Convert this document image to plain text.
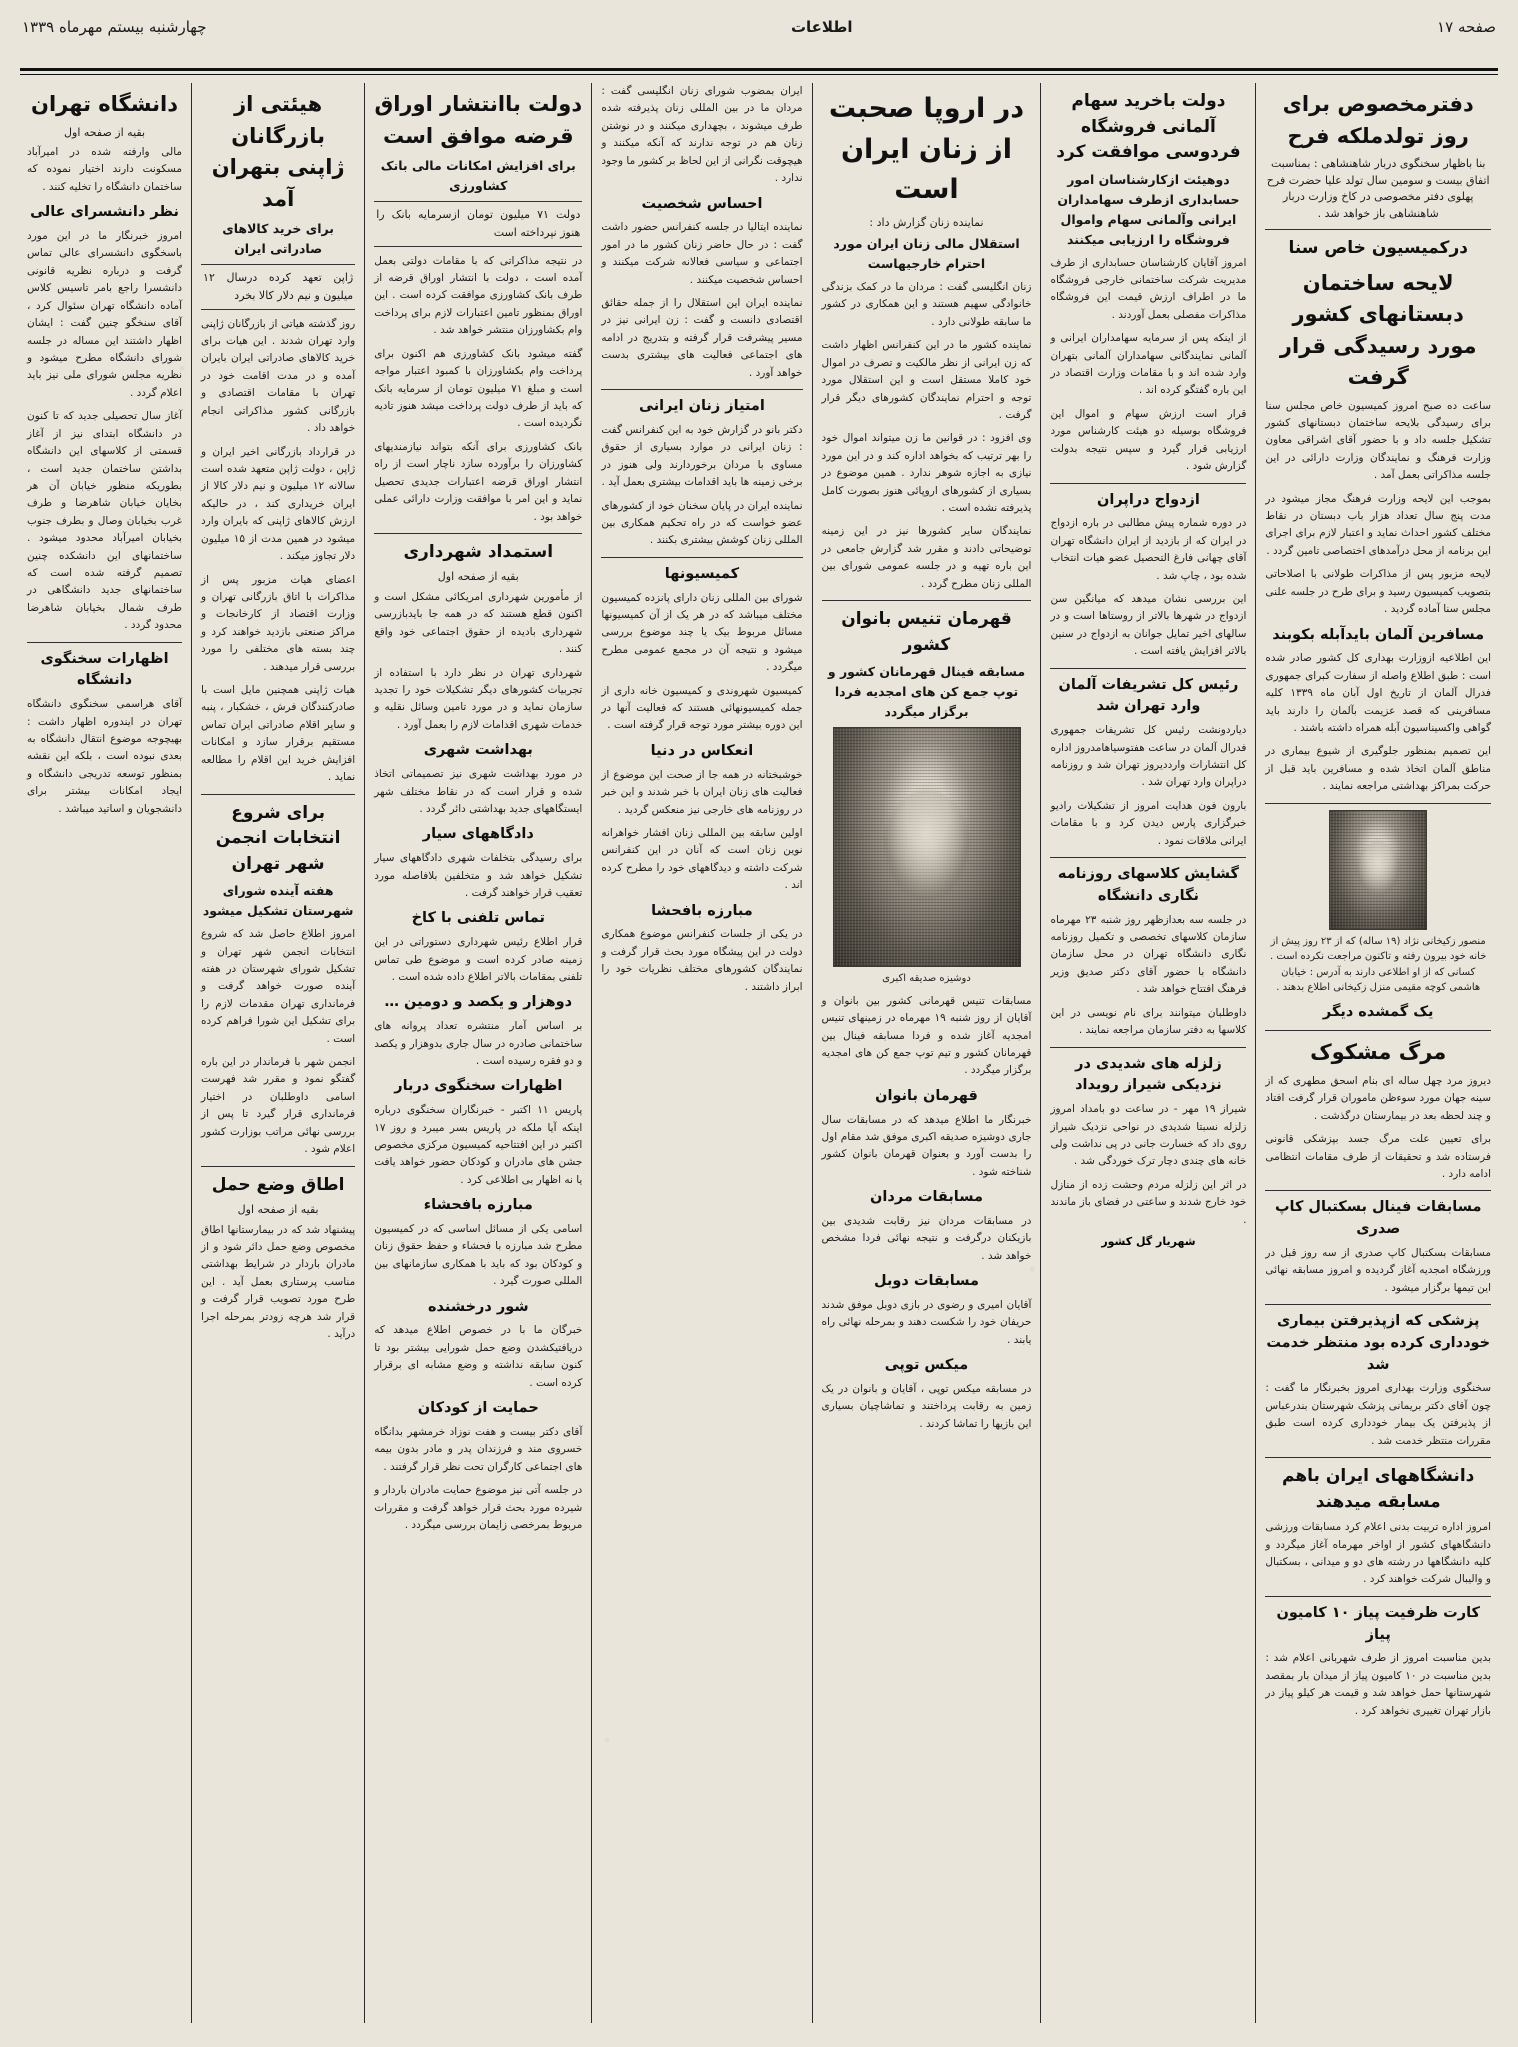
صفحه ۱۷
اطلاعات
چهارشنبه بیستم مهرماه ۱۳۳۹
دفترمخصوص برای روز تولدملکه فرح
بنا باظهار سخنگوی دربار شاهنشاهی : بمناسبت اتفاق بیست و سومین سال تولد علیا حضرت فرح پهلوی دفتر مخصوصی در کاخ وزارت دربار شاهنشاهی باز خواهد شد .
درکمیسیون خاص سنا
لایحه ساختمان دبستانهای کشور مورد رسیدگی قرار گرفت

ساعت ده صبح امروز کمیسیون خاص مجلس سنا برای رسیدگی بلایحه ساختمان دبستانهای کشور تشکیل جلسه داد و با حضور آقای اشراقی معاون وزارت فرهنگ و نمایندگان وزارت دارائی در این جلسه مذاکراتی بعمل آمد .

بموجب این لایحه وزارت فرهنگ مجاز میشود در مدت پنج سال تعداد هزار باب دبستان در نقاط مختلف کشور احداث نماید و اعتبار لازم برای اجرای این برنامه از محل درآمدهای اختصاصی تامین گردد .

لایحه مزبور پس از مذاکرات طولانی با اصلاحاتی بتصویب کمیسیون رسید و برای طرح در جلسه علنی مجلس سنا آماده گردید .

مسافرین آلمان بایدآبله بکوبند

این اطلاعیه ازوزارت بهداری کل کشور صادر شده است : طبق اطلاع واصله از سفارت کبرای جمهوری فدرال آلمان از تاریخ اول آبان ماه ۱۳۳۹ کلیه مسافرینی که قصد عزیمت بآلمان را دارند باید گواهی واکسیناسیون آبله همراه داشته باشند .

این تصمیم بمنظور جلوگیری از شیوع بیماری در مناطق آلمان اتخاذ شده و مسافرین باید قبل از حرکت بمراکز بهداشتی مراجعه نمایند .

منصور زکیخانی نژاد (۱۹ ساله) که از ۲۳ روز پیش از خانه خود بیرون رفته و تاکنون مراجعت نکرده است . کسانی که از او اطلاعی دارند به آدرس : خیابان هاشمی کوچه مقیمی منزل زکیخانی اطلاع بدهند .
یک گمشده دیگر
مرگ مشکوک

دیروز مرد چهل ساله ای بنام اسحق مطهری که از سینه جهان مورد سوءظن ماموران قرار گرفت افتاد و چند لحظه بعد در بیمارستان درگذشت .

برای تعیین علت مرگ جسد بپزشکی قانونی فرستاده شد و تحقیقات از طرف مقامات انتظامی ادامه دارد .

مسابقات فینال بسکتبال کاپ صدری

مسابقات بسکتبال کاپ صدری از سه روز قبل در ورزشگاه امجدیه آغاز گردیده و امروز مسابقه نهائی این تیمها برگزار میشود .

پزشکی که ازپذیرفتن بیماری خودداری کرده بود منتظر خدمت شد

سخنگوی وزارت بهداری امروز بخبرنگار ما گفت : چون آقای دکتر بریمانی پزشک شهرستان بندرعباس از پذیرفتن یک بیمار خودداری کرده است طبق مقررات منتظر خدمت شد .

دانشگاههای ایران باهم مسابقه میدهند

امروز اداره تربیت بدنی اعلام کرد مسابقات ورزشی دانشگاههای کشور از اواخر مهرماه آغاز میگردد و کلیه دانشگاهها در رشته های دو و میدانی ، بسکتبال و والیبال شرکت خواهند کرد .

کارت ظرفیت پیاز ۱۰ کامیون پیاز

بدین مناسبت امروز از طرف شهربانی اعلام شد : بدین مناسبت در ۱۰ کامیون پیاز از میدان بار بمقصد شهرستانها حمل خواهد شد و قیمت هر کیلو پیاز در بازار تهران تغییری نخواهد کرد .

دولت باخرید سهام آلمانی فروشگاه فردوسی موافقت کرد
دوهیئت ازکارشناسان امور حسابداری ازطرف سهامداران ایرانی وآلمانی سهام واموال فروشگاه را ارزیابی میکنند

امروز آقایان کارشناسان حسابداری از طرف مدیریت شرکت ساختمانی خارجی فروشگاه ما در اطراف ارزش قیمت این فروشگاه مذاکرات مفصلی بعمل آوردند .

از اینکه پس از سرمایه سهامداران ایرانی و آلمانی نمایندگانی سهامداران آلمانی بتهران وارد شده اند و با مقامات وزارت اقتصاد در این باره گفتگو کرده اند .

قرار است ارزش سهام و اموال این فروشگاه بوسیله دو هیئت کارشناس مورد ارزیابی قرار گیرد و سپس نتیجه بدولت گزارش شود .

ازدواج دراپران

در دوره شماره پیش مطالبی در باره ازدواج در ایران که از بازدید از ایران دانشگاه تهران آقای چهانی فارغ التحصیل عضو هیات انتخاب شده بود ، چاپ شد .

این بررسی نشان میدهد که میانگین سن ازدواج در شهرها بالاتر از روستاها است و در سالهای اخیر تمایل جوانان به ازدواج در سنین بالاتر افزایش یافته است .

رئیس کل تشریفات آلمان وارد تهران شد

دیاردونشت رئیس کل تشریفات جمهوری فدرال آلمان در ساعت هفتوسیاهامدروز اداره کل انتشارات وارددیروز تهران شد و روزنامه دراپران وارد تهران شد .

بارون فون هدایت امروز از تشکیلات رادیو خبرگزاری پارس دیدن کرد و با مقامات ایرانی ملاقات نمود .

گشایش کلاسهای روزنامه نگاری دانشگاه

در جلسه سه بعدازظهر روز شنبه ۲۳ مهرماه سازمان کلاسهای تخصصی و تکمیل روزنامه نگاری دانشگاه تهران در محل سازمان دانشگاه با حضور آقای دکتر صدیق وزیر فرهنگ افتتاح خواهد شد .

داوطلبان میتوانند برای نام نویسی در این کلاسها به دفتر سازمان مراجعه نمایند .

زلزله های شدیدی در نزدیکی شیراز رویداد

شیراز ۱۹ مهر - در ساعت دو بامداد امروز زلزله نسبتا شدیدی در نواحی نزدیک شیراز روی داد که خسارت جانی در پی نداشت ولی خانه های چندی دچار ترک خوردگی شد .

در اثر این زلزله مردم وحشت زده از منازل خود خارج شدند و ساعتی در فضای باز ماندند .

شهریار گل کشور
در اروپا صحبت از زنان ایران است
نماینده زنان گزارش داد :
استقلال مالی زنان ایران مورد احترام خارجیهاست

زنان انگلیسی گفت : مردان ما در کمک بزندگی خانوادگی سهیم هستند و این همکاری در کشور ما سابقه طولانی دارد .

نماینده کشور ما در این کنفرانس اظهار داشت که زن ایرانی از نظر مالکیت و تصرف در اموال خود کاملا مستقل است و این استقلال مورد توجه و احترام نمایندگان کشورهای دیگر قرار گرفت .

وی افزود : در قوانین ما زن میتواند اموال خود را بهر ترتیب که بخواهد اداره کند و در این مورد نیازی به اجازه شوهر ندارد . همین موضوع در بسیاری از کشورهای اروپائی هنوز بصورت کامل پذیرفته نشده است .

نمایندگان سایر کشورها نیز در این زمینه توضیحاتی دادند و مقرر شد گزارش جامعی در این باره تهیه و در جلسه عمومی شورای بین المللی زنان مطرح گردد .

قهرمان تنیس بانوان کشور
مسابقه فینال قهرمانان کشور و توپ جمع کن های امجدیه فردا برگزار میگردد
دوشیزه صدیقه اکبری

مسابقات تنیس قهرمانی کشور بین بانوان و آقایان از روز شنبه ۱۹ مهرماه در زمینهای تنیس امجدیه آغاز شده و فردا مسابقه فینال بین قهرمانان کشور و تیم توپ جمع کن های امجدیه برگزار میگردد .

قهرمان بانوان

خبرنگار ما اطلاع میدهد که در مسابقات سال جاری دوشیزه صدیقه اکبری موفق شد مقام اول را بدست آورد و بعنوان قهرمان بانوان کشور شناخته شود .

مسابقات مردان

در مسابقات مردان نیز رقابت شدیدی بین بازیکنان درگرفت و نتیجه نهائی فردا مشخص خواهد شد .

مسابقات دوبل

آقایان امیری و رضوی در بازی دوبل موفق شدند حریفان خود را شکست دهند و بمرحله نهائی راه یابند .

میکس توپی

در مسابقه میکس توپی ، آقایان و بانوان در یک زمین به رقابت پرداختند و تماشاچیان بسیاری این بازیها را تماشا کردند .

ایران بمضوب شورای زنان انگلیسی گفت : مردان ما در بین المللی زنان پذیرفته شده طرف میشوند ، بچهداری میکنند و در نوشتن زنان هم در توجه ندارند که آنکه میکنند و هیچوقت نگرانی از این لحاظ بر کشور ما وجود ندارد .

احساس شخصیت

نماینده ایتالیا در جلسه کنفرانس حضور داشت گفت : در حال حاضر زنان کشور ما در امور اجتماعی و سیاسی فعالانه شرکت میکنند و احساس شخصیت میکنند .

نماینده ایران این استقلال را از جمله حقائق اقتصادی دانست و گفت : زن ایرانی نیز در مسیر پیشرفت قرار گرفته و بتدریج در ادامه های اجتماعی فعالیت های بیشتری بدست خواهد آورد .

امتیاز زنان ایرانی

دکتر بانو در گزارش خود به این کنفرانس گفت : زنان ایرانی در موارد بسیاری از حقوق مساوی با مردان برخوردارند ولی هنوز در برخی زمینه ها باید اقدامات بیشتری بعمل آید .

نماینده ایران در پایان سخنان خود از کشورهای عضو خواست که در راه تحکیم همکاری بین المللی زنان کوشش بیشتری بکنند .

کمیسیونها

شورای بین المللی زنان دارای پانزده کمیسیون مختلف میباشد که در هر یک از آن کمیسیونها مسائل مربوط بیک یا چند موضوع بررسی میشود و نتیجه آن در مجمع عمومی مطرح میگردد .

کمیسیون شهروندی و کمیسیون خانه داری از جمله کمیسیونهائی هستند که فعالیت آنها در این دوره بیشتر مورد توجه قرار گرفته است .

انعکاس در دنیا

خوشبختانه در همه جا از صحت این موضوع از فعالیت های زنان ایران با خبر شدند و این خبر در روزنامه های خارجی نیز منعکس گردید .

اولین سابقه بین المللی زنان افشار خواهرانه نوین زنان است که آنان در این کنفرانس شرکت داشته و دیدگاههای خود را مطرح کرده اند .

مبارزه بافحشا

در یکی از جلسات کنفرانس موضوع همکاری دولت در این پیشگاه مورد بحث قرار گرفت و نمایندگان کشورهای مختلف نظریات خود را ابراز داشتند .

دولت باانتشار اوراق قرضه موافق است
برای افزایش امکانات مالی بانک کشاورزی
دولت ۷۱ میلیون تومان ازسرمایه بانک را هنوز نپرداخته است

در نتیجه مذاکراتی که با مقامات دولتی بعمل آمده است ، دولت با انتشار اوراق قرضه از طرف بانک کشاورزی موافقت کرده است . این اوراق بمنظور تامین اعتبارات لازم برای پرداخت وام بکشاورزان منتشر خواهد شد .

گفته میشود بانک کشاورزی هم اکنون برای پرداخت وام بکشاورزان با کمبود اعتبار مواجه است و مبلغ ۷۱ میلیون تومان از سرمایه بانک که باید از طرف دولت پرداخت میشد هنوز تادیه نگردیده است .

بانک کشاورزی برای آنکه بتواند نیازمندیهای کشاورزان را برآورده سازد ناچار است از راه انتشار اوراق قرضه اعتبارات جدیدی تحصیل نماید و این امر با موافقت وزارت دارائی عملی خواهد بود .

استمداد شهرداری
بقیه از صفحه اول

از مأمورین شهرداری امریکائی مشکل است و اکنون قطع هستند که در همه جا بایدبازرسی شهرداری بادیده از حقوق اجتماعی خود واقع کنند .

شهرداری تهران در نظر دارد با استفاده از تجربیات کشورهای دیگر تشکیلات خود را تجدید سازمان نماید و در مورد تامین وسائل نقلیه و خدمات شهری اقدامات لازم را بعمل آورد .

بهداشت شهری

در مورد بهداشت شهری نیز تصمیماتی اتخاذ شده و قرار است که در نقاط مختلف شهر ایستگاههای جدید بهداشتی دائر گردد .

دادگاههای سیار

برای رسیدگی بتخلفات شهری دادگاههای سیار تشکیل خواهد شد و متخلفین بلافاصله مورد تعقیب قرار خواهند گرفت .

تماس تلفنی با کاخ

قرار اطلاع رئیس شهرداری دستوراتی در این زمینه صادر کرده است و موضوع طی تماس تلفنی بمقامات بالاتر اطلاع داده شده است .

دوهزار و یکصد و دومین …

بر اساس آمار منتشره تعداد پروانه های ساختمانی صادره در سال جاری بدوهزار و یکصد و دو فقره رسیده است .

اظهارات سخنگوی دربار

پاریس ۱۱ اکتبر - خبرنگاران سخنگوی درباره اینکه آیا ملکه در پاریس بسر میبرد و روز ۱۷ اکتبر در این افتتاحیه کمیسیون مرکزی مخصوص جشن های مادران و کودکان حضور خواهد یافت یا نه اظهار بی اطلاعی کرد .

مبارزه بافحشاء

اسامی یکی از مسائل اساسی که در کمیسیون مطرح شد مبارزه با فحشاء و حفظ حقوق زنان و کودکان بود که باید با همکاری سازمانهای بین المللی صورت گیرد .

شور درخشنده

خبرگان ما با در خصوص اطلاع میدهد که دریافتیکشدن وضع حمل شورایی بیشتر بود تا کنون سابقه نداشته و وضع مشابه ای برقرار کرده است .

حمایت از کودکان

آقای دکتر بیست و هفت نوزاد خرمشهر بدانگاه خسروی مند و فرزندان پدر و مادر بدون بیمه های اجتماعی کارگران تحت نظر قرار گرفتند .

در جلسه آتی نیز موضوع حمایت مادران باردار و شیرده مورد بحث قرار خواهد گرفت و مقررات مربوط بمرخصی زایمان بررسی میگردد .

هیئتی از بازرگانان ژاپنی بتهران آمد
برای خرید کالاهای صادراتی ایران
ژاپن تعهد کرده درسال ۱۲ میلیون و نیم دلار کالا بخرد

روز گذشته هیاتی از بازرگانان ژاپنی وارد تهران شدند . این هیات برای خرید کالاهای صادراتی ایران بایران آمده و در مدت اقامت خود در تهران با مقامات اقتصادی و بازرگانی کشور مذاکراتی انجام خواهد داد .

در قرارداد بازرگانی اخیر ایران و ژاپن ، دولت ژاپن متعهد شده است سالانه ۱۲ میلیون و نیم دلار کالا از ایران خریداری کند ، در حالیکه ارزش کالاهای ژاپنی که بایران وارد میشود در همین مدت از ۱۵ میلیون دلار تجاوز میکند .

اعضای هیات مزبور پس از مذاکرات با اتاق بازرگانی تهران و وزارت اقتصاد از کارخانجات و مراکز صنعتی بازدید خواهند کرد و چند بسته های مختلفی را مورد بررسی قرار میدهند .

هیات ژاپنی همچنین مایل است با صادرکنندگان فرش ، خشکبار ، پنبه و سایر اقلام صادراتی ایران تماس مستقیم برقرار سازد و امکانات افزایش خرید این اقلام را مطالعه نماید .

برای شروع انتخابات انجمن شهر تهران
هفته آینده شورای شهرستان تشکیل میشود

امروز اطلاع حاصل شد که شروع انتخابات انجمن شهر تهران و تشکیل شورای شهرستان در هفته آینده صورت خواهد گرفت و فرمانداری تهران مقدمات لازم را برای تشکیل این شورا فراهم کرده است .

انجمن شهر با فرماندار در این باره گفتگو نمود و مقرر شد فهرست اسامی داوطلبان در اختیار فرمانداری قرار گیرد تا پس از بررسی نهائی مراتب بوزارت کشور اعلام شود .

اطاق وضع حمل
بقیه از صفحه اول

پیشنهاد شد که در بیمارستانها اطاق مخصوص وضع حمل دائر شود و از مادران باردار در شرایط بهداشتی مناسب پرستاری بعمل آید . این طرح مورد تصویب قرار گرفت و قرار شد هرچه زودتر بمرحله اجرا درآید .

دانشگاه تهران
بقیه از صفحه اول

مالی وارفته شده در امیرآباد مسکونت دارند اختیار نموده که ساختمان دانشگاه را تخلیه کنند .

نظر دانشسرای عالی

امروز خبرنگار ما در این مورد باسخگوی دانشسرای عالی تماس گرفت و درباره نظریه قانونی دانشسرا راجع بامر تاسیس کلاس آماده دانشگاه تهران سئوال کرد ، آقای سنخگو چنین گفت : ایشان اظهار داشتند این مساله در جلسه شورای دانشگاه مطرح میشود و نظریه مجلس شورای ملی نیز باید اعلام گردد .

آغاز سال تحصیلی جدید که تا کنون در دانشگاه ابتدای نیز از آغاز قسمتی از کلاسهای این دانشگاه بداشتن ساختمان جدید است ، بطوریکه منظور خیابان آن هر بخایان خیابان شاهرضا و طرف غرب بخیابان وصال و بطرف جنوب بخیابان امیرآباد محدود میشود . ساختمانهای این دانشکده چنین تصمیم گرفته شده است که ساختمانهای جدید دانشگاهی در طرف شمال بخیابان شاهرضا محدود گردد .

اظهارات سخنگوی دانشگاه

آقای هراسمی سخنگوی دانشگاه تهران در ایندوره اظهار داشت : بهیچوجه موضوع انتقال دانشگاه به بعدی نبوده است ، بلکه این نقشه بمنظور توسعه تدریجی دانشگاه و ایجاد امکانات بیشتر برای دانشجویان و اساتید میباشد .
